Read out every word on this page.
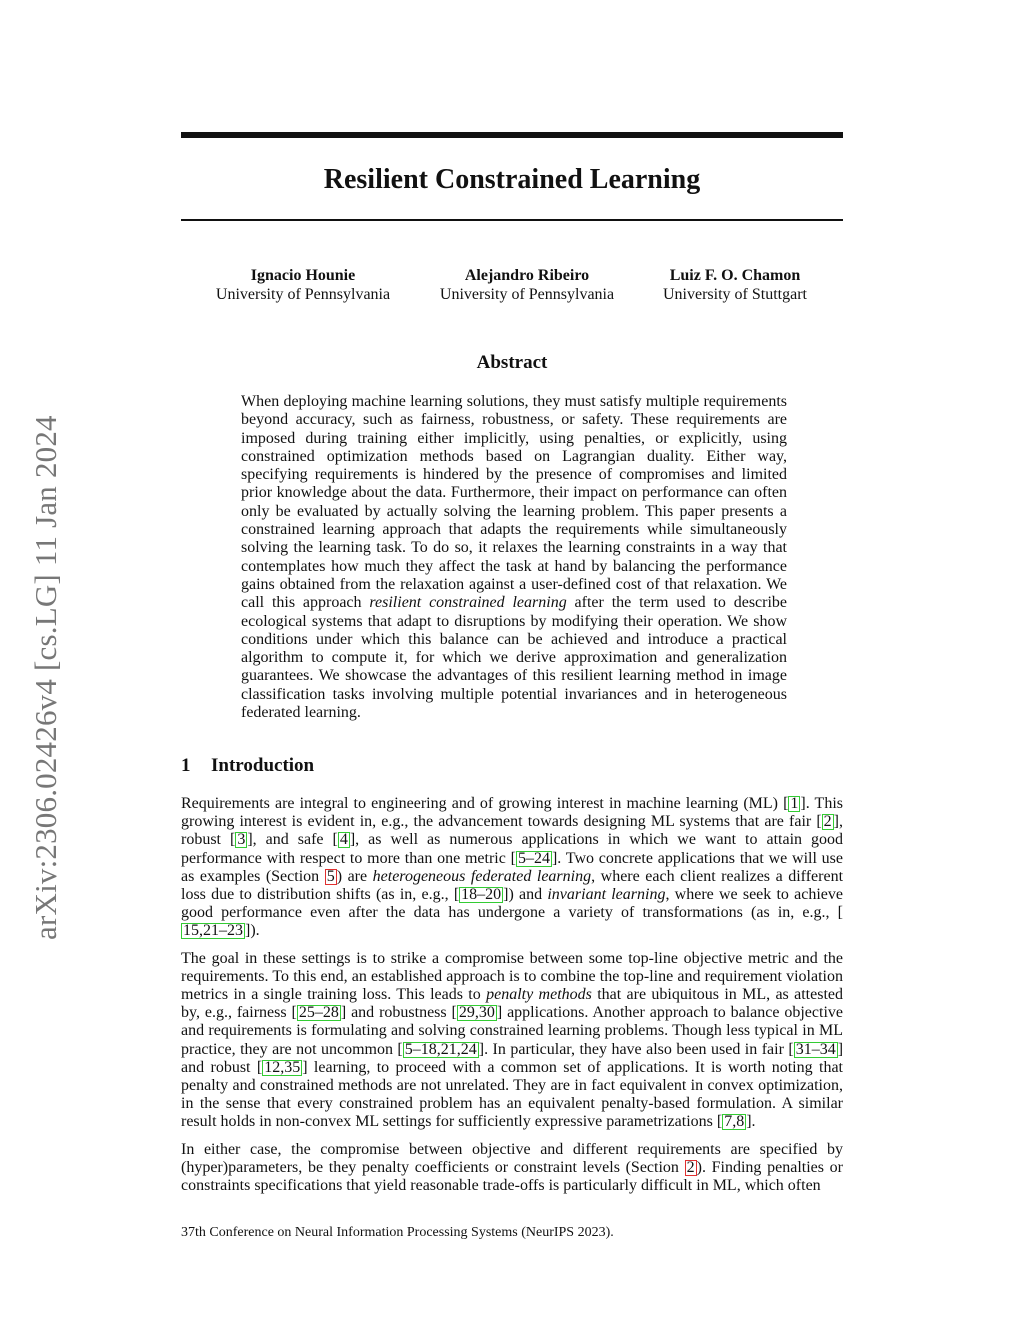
arXiv:2306.02426v4 [cs.LG] 11 Jan 2024
Resilient Constrained Learning
Ignacio Hounie
University of Pennsylvania
Alejandro Ribeiro
University of Pennsylvania
Luiz F. O. Chamon
University of Stuttgart
Abstract
When deploying machine learning solutions, they must satisfy multiple requirements beyond accuracy, such as fairness, robustness, or safety. These requirements are imposed during training either implicitly, using penalties, or explicitly, using constrained optimization methods based on Lagrangian duality. Either way, specifying requirements is hindered by the presence of compromises and limited prior knowledge about the data. Furthermore, their impact on performance can often only be evaluated by actually solving the learning problem. This paper presents a constrained learning approach that adapts the requirements while simultaneously solving the learning task. To do so, it relaxes the learning constraints in a way that contemplates how much they affect the task at hand by balancing the performance gains obtained from the relaxation against a user-defined cost of that relaxation. We call this approach resilient constrained learning after the term used to describe ecological systems that adapt to disruptions by modifying their operation. We show conditions under which this balance can be achieved and introduce a practical algorithm to compute it, for which we derive approximation and generalization guarantees. We showcase the advantages of this resilient learning method in image classification tasks involving multiple potential invariances and in heterogeneous federated learning.
1 Introduction

Requirements are integral to engineering and of growing interest in machine learning (ML) [ 1 ]. This growing interest is evident in, e.g., the advancement towards designing ML systems that are fair [ 2 ], robust [ 3 ], and safe [ 4 ], as well as numerous applications in which we want to attain good performance with respect to more than one metric [ 5–24 ]. Two concrete applications that we will use as examples (Section 5 ) are heterogeneous federated learning, where each client realizes a different loss due to distribution shifts (as in, e.g., [ 18–20 ]) and invariant learning, where we seek to achieve good performance even after the data has undergone a variety of transformations (as in, e.g., [15,21–23 ]).

The goal in these settings is to strike a compromise between some top-line objective metric and the requirements. To this end, an established approach is to combine the top-line and requirement violation metrics in a single training loss. This leads to penalty methods that are ubiquitous in ML, as attested by, e.g., fairness [ 25–28 ] and robustness [ 29,30 ] applications. Another approach to balance objective and requirements is formulating and solving constrained learning problems. Though less typical in ML practice, they are not uncommon [ 5–18,21,24 ]. In particular, they have also been used in fair [ 31–34 ] and robust [ 12,35 ] learning, to proceed with a common set of applications. It is worth noting that penalty and constrained methods are not unrelated. They are in fact equivalent in convex optimization, in the sense that every constrained problem has an equivalent penalty-based formulation. A similar result holds in non-convex ML settings for sufficiently expressive parametrizations [ 7,8 ].

In either case, the compromise between objective and different requirements are specified by (hyper)parameters, be they penalty coefficients or constraint levels (Section 2 ). Finding penalties or constraints specifications that yield reasonable trade-offs is particularly difficult in ML, which often

37th Conference on Neural Information Processing Systems (NeurIPS 2023).
